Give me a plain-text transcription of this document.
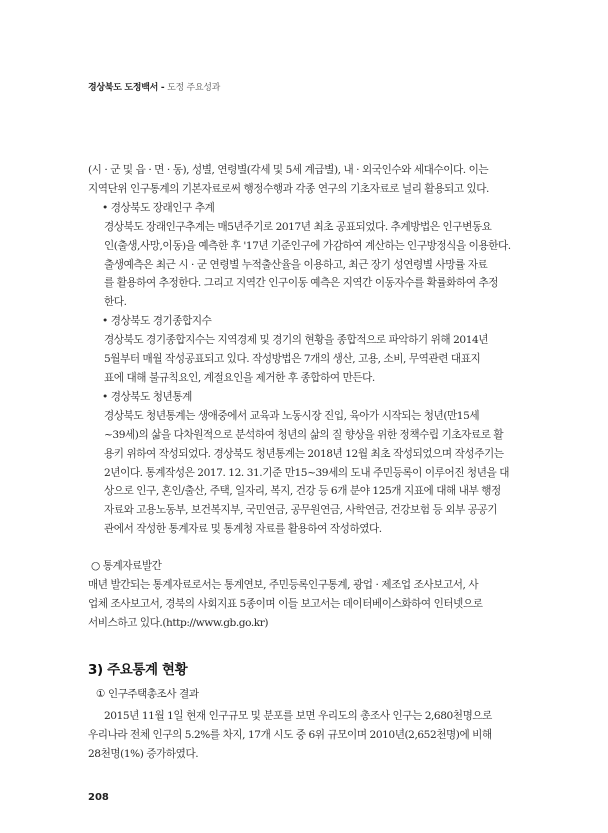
경상북도 도정백서 - 도정 주요성과

(시 · 군 및 읍 · 면 · 동), 성별, 연령별(각세 및 5세 계급별), 내 · 외국인수와 세대수이다. 이는

지역단위 인구통계의 기본자료로써 행정수행과 각종 연구의 기초자료로 널리 활용되고 있다.

• 경상북도 장래인구 추계

경상북도 장래인구추계는 매5년주기로 2017년 최초 공표되었다. 추계방법은 인구변동요

인(출생,사망,이동)을 예측한 후 '17년 기준인구에 가감하여 계산하는 인구방정식을 이용한다.

출생예측은 최근 시 · 군 연령별 누적출산율을 이용하고, 최근 장기 성연령별 사망률 자료

를 활용하여 추정한다. 그리고 지역간 인구이동 예측은 지역간 이동자수를 확률화하여 추정

한다.

• 경상북도 경기종합지수

경상북도 경기종합지수는 지역경제 및 경기의 현황을 종합적으로 파악하기 위해 2014년

5월부터 매월 작성공표되고 있다. 작성방법은 7개의 생산, 고용, 소비, 무역관련 대표지

표에 대해 불규칙요인, 계절요인을 제거한 후 종합하여 만든다.

• 경상북도 청년통계

경상북도 청년통계는 생애중에서 교육과 노동시장 진입, 육아가 시작되는 청년(만15세

~39세)의 삶을 다차원적으로 분석하여 청년의 삶의 질 향상을 위한 정책수립 기초자료로 활

용키 위하여 작성되었다. 경상북도 청년통계는 2018년 12월 최초 작성되었으며 작성주기는

2년이다. 통계작성은 2017. 12. 31.기준 만15~39세의 도내 주민등록이 이루어진 청년을 대

상으로 인구, 혼인/출산, 주택, 일자리, 복지, 건강 등 6개 분야 125개 지표에 대해 내부 행정

자료와 고용노동부, 보건복지부, 국민연금, 공무원연금, 사학연금, 건강보험 등 외부 공공기

관에서 작성한 통계자료 및 통계청 자료를 활용하여 작성하였다.

○ 통계자료발간

매년 발간되는 통계자료로서는 통계연보, 주민등록인구통계, 광업 · 제조업 조사보고서, 사

업체 조사보고서, 경북의 사회지표 5종이며 이들 보고서는 데이터베이스화하여 인터넷으로

서비스하고 있다.(http://www.gb.go.kr)

3) 주요통계 현황
① 인구주택총조사 결과

2015년 11월 1일 현재 인구규모 및 분포를 보면 우리도의 총조사 인구는 2,680천명으로

우리나라 전체 인구의 5.2%를 차지, 17개 시도 중 6위 규모이며 2010년(2,652천명)에 비해

28천명(1%) 증가하였다.

208
